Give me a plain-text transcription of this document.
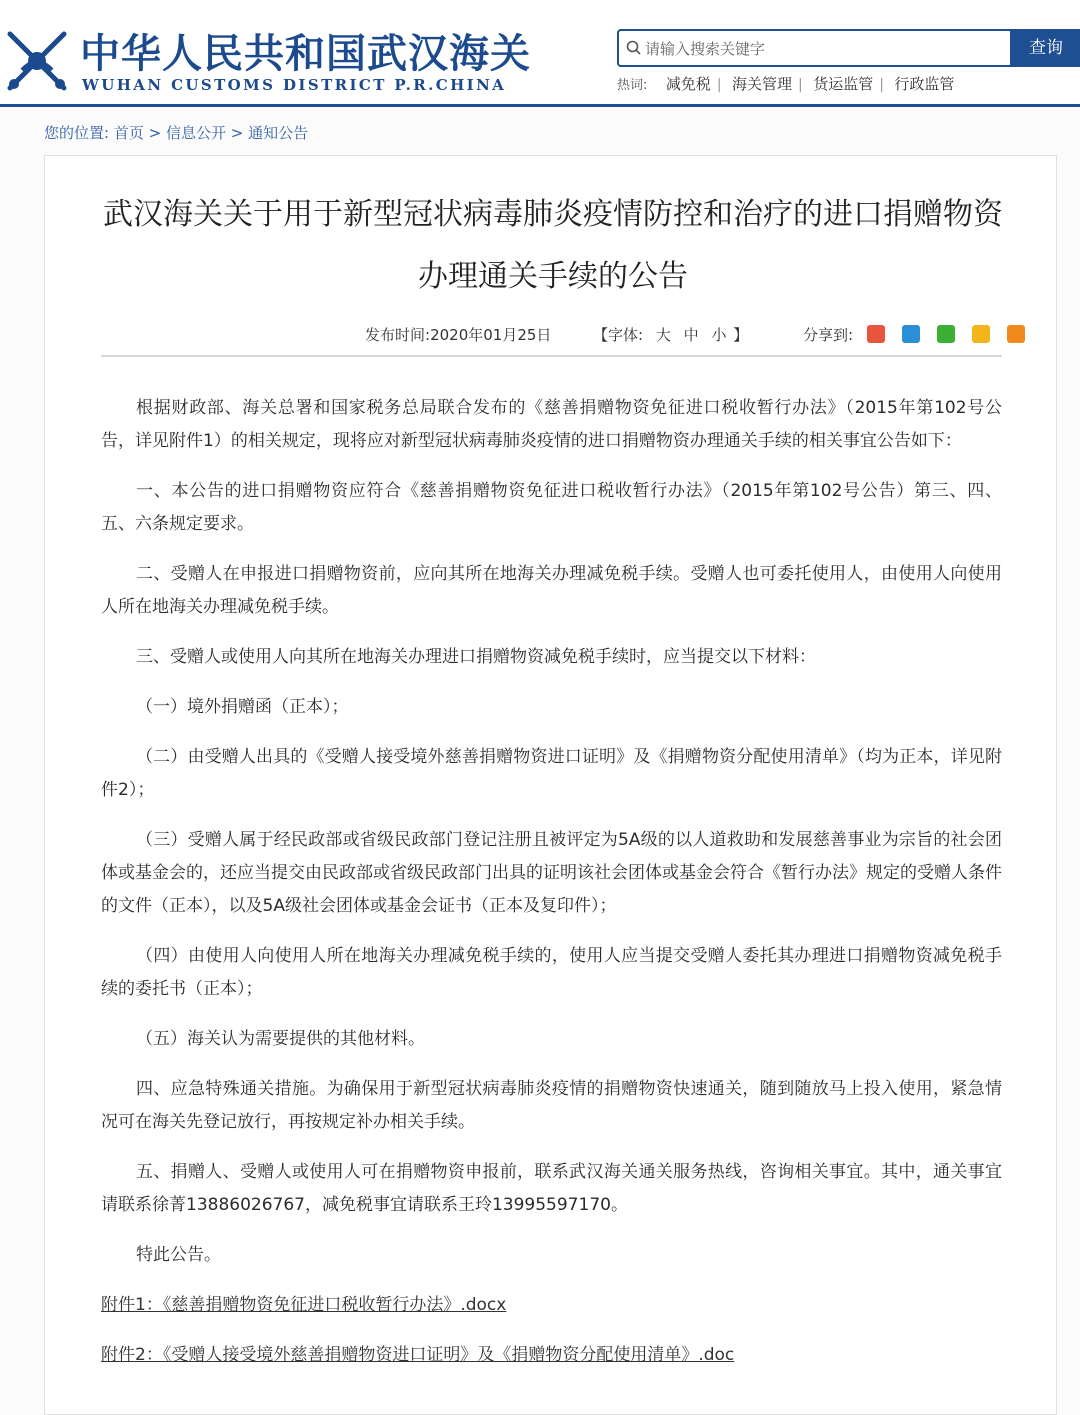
中华人民共和国武汉海关
WUHAN CUSTOMS DISTRICT P.R.CHINA
请输入搜索关键字
查询
热词: 减免税 | 海关管理 | 货运监管 | 行政监管
您的位置: 首页 > 信息公开 > 通知公告
武汉海关关于用于新型冠状病毒肺炎疫情防控和治疗的进口捐赠物资办理通关手续的公告
发布时间:2020年01月25日	【字体: 大 中 小 】	分享到:

根据财政部、海关总署和国家税务总局联合发布的《慈善捐赠物资免征进口税收暂行办法》（2015年第102号公告，详见附件1）的相关规定，现将应对新型冠状病毒肺炎疫情的进口捐赠物资办理通关手续的相关事宜公告如下：

一、本公告的进口捐赠物资应符合《慈善捐赠物资免征进口税收暂行办法》（2015年第102号公告）第三、四、五、六条规定要求。

二、受赠人在申报进口捐赠物资前，应向其所在地海关办理减免税手续。受赠人也可委托使用人，由使用人向使用人所在地海关办理减免税手续。

三、受赠人或使用人向其所在地海关办理进口捐赠物资减免税手续时，应当提交以下材料：

（一）境外捐赠函（正本）；

（二）由受赠人出具的《受赠人接受境外慈善捐赠物资进口证明》及《捐赠物资分配使用清单》（均为正本，详见附件2）；

（三）受赠人属于经民政部或省级民政部门登记注册且被评定为5A级的以人道救助和发展慈善事业为宗旨的社会团体或基金会的，还应当提交由民政部或省级民政部门出具的证明该社会团体或基金会符合《暂行办法》规定的受赠人条件的文件（正本），以及5A级社会团体或基金会证书（正本及复印件）；

（四）由使用人向使用人所在地海关办理减免税手续的，使用人应当提交受赠人委托其办理进口捐赠物资减免税手续的委托书（正本）；

（五）海关认为需要提供的其他材料。

四、应急特殊通关措施。为确保用于新型冠状病毒肺炎疫情的捐赠物资快速通关，随到随放马上投入使用，紧急情况可在海关先登记放行，再按规定补办相关手续。

五、捐赠人、受赠人或使用人可在捐赠物资申报前，联系武汉海关通关服务热线，咨询相关事宜。其中，通关事宜请联系徐菁13886026767，减免税事宜请联系王玲13995597170。

特此公告。

附件1：《慈善捐赠物资免征进口税收暂行办法》.docx

附件2：《受赠人接受境外慈善捐赠物资进口证明》及《捐赠物资分配使用清单》.doc
